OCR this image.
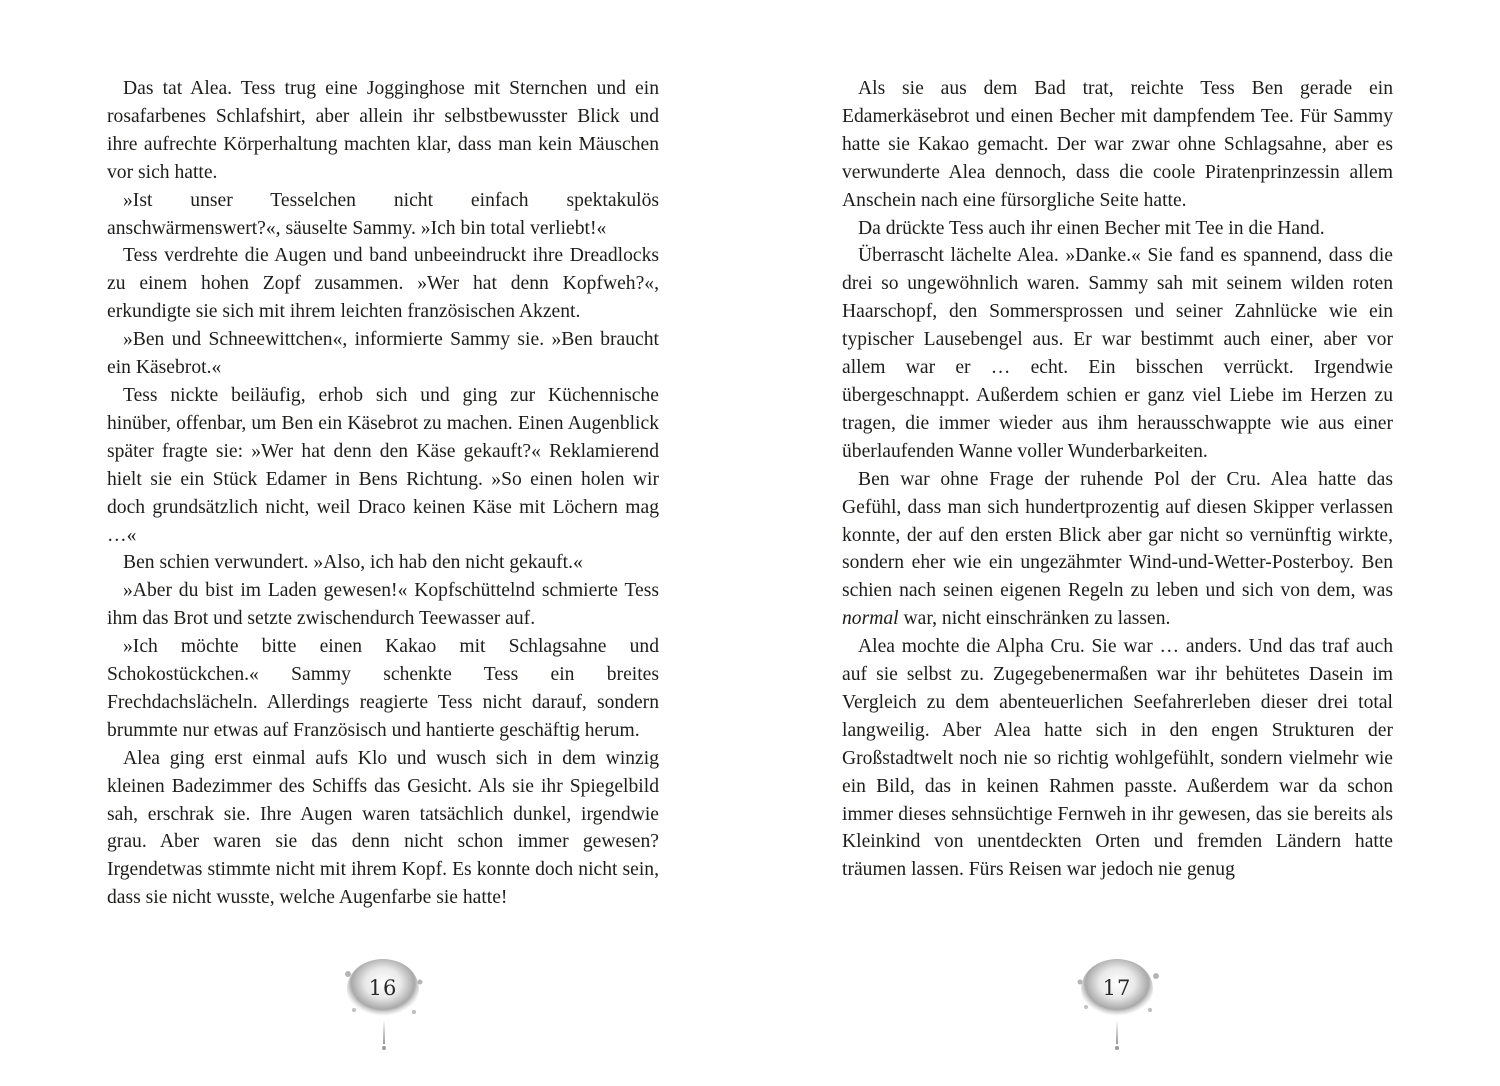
Das tat Alea. Tess trug eine Jogginghose mit Sternchen und ein rosafarbenes Schlafshirt, aber allein ihr selbstbewusster Blick und ihre aufrechte Körperhaltung machten klar, dass man kein Mäuschen vor sich hatte.

»Ist unser Tesselchen nicht einfach spektakulös anschwärmenswert?«, säuselte Sammy. »Ich bin total verliebt!«

Tess verdrehte die Augen und band unbeeindruckt ihre Dreadlocks zu einem hohen Zopf zusammen. »Wer hat denn Kopfweh?«, erkundigte sie sich mit ihrem leichten französischen Akzent.

»Ben und Schneewittchen«, informierte Sammy sie. »Ben braucht ein Käsebrot.«

Tess nickte beiläufig, erhob sich und ging zur Küchennische hinüber, offenbar, um Ben ein Käsebrot zu machen. Einen Augenblick später fragte sie: »Wer hat denn den Käse gekauft?« Reklamierend hielt sie ein Stück Edamer in Bens Richtung. »So einen holen wir doch grundsätzlich nicht, weil Draco keinen Käse mit Löchern mag …«

Ben schien verwundert. »Also, ich hab den nicht gekauft.«

»Aber du bist im Laden gewesen!« Kopfschüttelnd schmierte Tess ihm das Brot und setzte zwischendurch Teewasser auf.

»Ich möchte bitte einen Kakao mit Schlagsahne und Schokostückchen.« Sammy schenkte Tess ein breites Frechdachslächeln. Allerdings reagierte Tess nicht darauf, sondern brummte nur etwas auf Französisch und hantierte geschäftig herum.

Alea ging erst einmal aufs Klo und wusch sich in dem winzig kleinen Badezimmer des Schiffs das Gesicht. Als sie ihr Spiegelbild sah, erschrak sie. Ihre Augen waren tatsächlich dunkel, irgendwie grau. Aber waren sie das denn nicht schon immer gewesen? Irgendetwas stimmte nicht mit ihrem Kopf. Es konnte doch nicht sein, dass sie nicht wusste, welche Augenfarbe sie hatte!

16

Als sie aus dem Bad trat, reichte Tess Ben gerade ein Edamerkäsebrot und einen Becher mit dampfendem Tee. Für Sammy hatte sie Kakao gemacht. Der war zwar ohne Schlagsahne, aber es verwunderte Alea dennoch, dass die coole Piratenprinzessin allem Anschein nach eine fürsorgliche Seite hatte.

Da drückte Tess auch ihr einen Becher mit Tee in die Hand.

Überrascht lächelte Alea. »Danke.« Sie fand es spannend, dass die drei so ungewöhnlich waren. Sammy sah mit seinem wilden roten Haarschopf, den Sommersprossen und seiner Zahnlücke wie ein typischer Lausebengel aus. Er war bestimmt auch einer, aber vor allem war er … echt. Ein bisschen verrückt. Irgendwie übergeschnappt. Außerdem schien er ganz viel Liebe im Herzen zu tragen, die immer wieder aus ihm herausschwappte wie aus einer überlaufenden Wanne voller Wunderbarkeiten.

Ben war ohne Frage der ruhende Pol der Cru. Alea hatte das Gefühl, dass man sich hundertprozentig auf diesen Skipper verlassen konnte, der auf den ersten Blick aber gar nicht so vernünftig wirkte, sondern eher wie ein ungezähmter Wind-und-Wetter-Posterboy. Ben schien nach seinen eigenen Regeln zu leben und sich von dem, was normal war, nicht einschränken zu lassen.

Alea mochte die Alpha Cru. Sie war … anders. Und das traf auch auf sie selbst zu. Zugegebenermaßen war ihr behütetes Dasein im Vergleich zu dem abenteuerlichen Seefahrerleben dieser drei total langweilig. Aber Alea hatte sich in den engen Strukturen der Großstadtwelt noch nie so richtig wohlgefühlt, sondern vielmehr wie ein Bild, das in keinen Rahmen passte. Außerdem war da schon immer dieses sehnsüchtige Fernweh in ihr gewesen, das sie bereits als Kleinkind von unentdeckten Orten und fremden Ländern hatte träumen lassen. Fürs Reisen war jedoch nie genug

17
